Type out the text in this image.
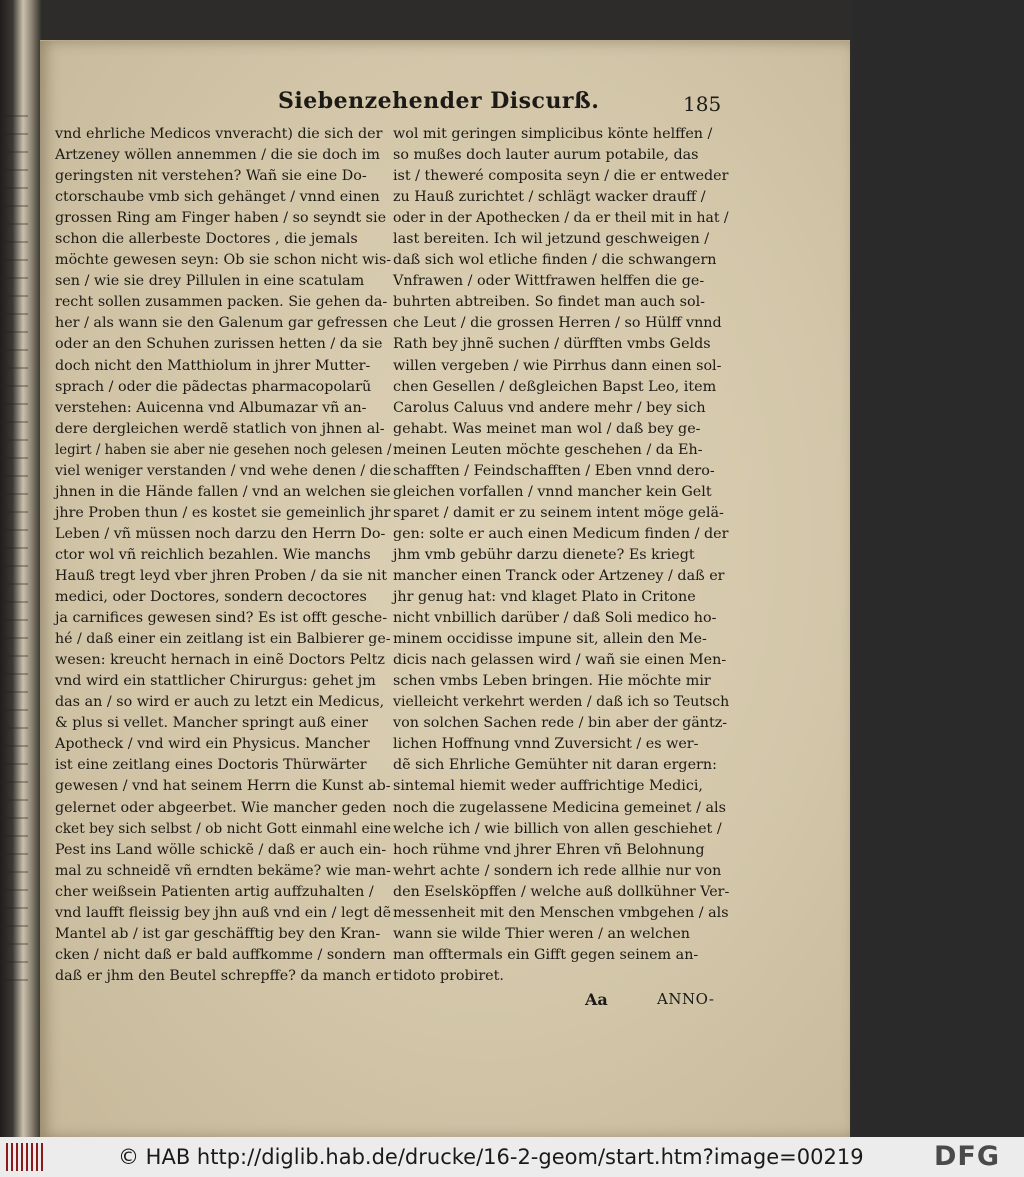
Siebenzehender Discurß.	185
vnd ehrliche Medicos vnveracht) die sich der
Artzeney wöllen annemmen / die sie doch im
geringsten nit verstehen? Wañ sie eine Do-
ctorschaube vmb sich gehänget / vnnd einen
grossen Ring am Finger haben / so seyndt sie
schon die allerbeste Doctores , die jemals
möchte gewesen seyn: Ob sie schon nicht wis-
sen / wie sie drey Pillulen in eine scatulam
recht sollen zusammen packen. Sie gehen da-
her / als wann sie den Galenum gar gefressen
oder an den Schuhen zurissen hetten / da sie
doch nicht den Matthiolum in jhrer Mutter-
sprach / oder die pãdectas pharmacopolarũ
verstehen: Auicenna vnd Albumazar vñ an-
dere dergleichen werdẽ statlich von jhnen al-
legirt / haben sie aber nie gesehen noch gelesen /
viel weniger verstanden / vnd wehe denen / die
jhnen in die Hände fallen / vnd an welchen sie
jhre Proben thun / es kostet sie gemeinlich jhr
Leben / vñ müssen noch darzu den Herrn Do-
ctor wol vñ reichlich bezahlen. Wie manchs
Hauß tregt leyd vber jhren Proben / da sie nit
medici, oder Doctores, sondern decoctores
ja carnifices gewesen sind? Es ist offt gesche-
hé / daß einer ein zeitlang ist ein Balbierer ge-
wesen: kreucht hernach in einẽ Doctors Peltz
vnd wird ein stattlicher Chirurgus: gehet jm
das an / so wird er auch zu letzt ein Medicus,
& plus si vellet. Mancher springt auß einer
Apotheck / vnd wird ein Physicus. Mancher
ist eine zeitlang eines Doctoris Thürwärter
gewesen / vnd hat seinem Herrn die Kunst ab-
gelernet oder abgeerbet. Wie mancher geden
cket bey sich selbst / ob nicht Gott einmahl eine
Pest ins Land wölle schickẽ / daß er auch ein-
mal zu schneidẽ vñ erndten bekäme? wie man-
cher weißsein Patienten artig auffzuhalten /
vnd laufft fleissig bey jhn auß vnd ein / legt dẽ
Mantel ab / ist gar geschäfftig bey den Kran-
cken / nicht daß er bald auffkomme / sondern
daß er jhm den Beutel schrepffe? da manch er
wol mit geringen simplicibus könte helffen /
so mußes doch lauter aurum potabile, das
ist / theweré composita seyn / die er entweder
zu Hauß zurichtet / schlägt wacker drauff /
oder in der Apothecken / da er theil mit in hat /
last bereiten. Ich wil jetzund geschweigen /
daß sich wol etliche finden / die schwangern
Vnfrawen / oder Wittfrawen helffen die ge-
buhrten abtreiben. So findet man auch sol-
che Leut / die grossen Herren / so Hülff vnnd
Rath bey jhnẽ suchen / dürfften vmbs Gelds
willen vergeben / wie Pirrhus dann einen sol-
chen Gesellen / deßgleichen Bapst Leo, item
Carolus Caluus vnd andere mehr / bey sich
gehabt. Was meinet man wol / daß bey ge-
meinen Leuten möchte geschehen / da Eh-
schafften / Feindschafften / Eben vnnd dero-
gleichen vorfallen / vnnd mancher kein Gelt
sparet / damit er zu seinem intent möge gelä-
gen: solte er auch einen Medicum finden / der
jhm vmb gebühr darzu dienete? Es kriegt
mancher einen Tranck oder Artzeney / daß er
jhr genug hat: vnd klaget Plato in Critone
nicht vnbillich darüber / daß Soli medico ho-
minem occidisse impune sit, allein den Me-
dicis nach gelassen wird / wañ sie einen Men-
schen vmbs Leben bringen. Hie möchte mir
vielleicht verkehrt werden / daß ich so Teutsch
von solchen Sachen rede / bin aber der gäntz-
lichen Hoffnung vnnd Zuversicht / es wer-
dẽ sich Ehrliche Gemühter nit daran ergern:
sintemal hiemit weder auffrichtige Medici,
noch die zugelassene Medicina gemeinet / als
welche ich / wie billich von allen geschiehet /
hoch rühme vnd jhrer Ehren vñ Belohnung
wehrt achte / sondern ich rede allhie nur von
den Eselsköpffen / welche auß dollkühner Ver-
messenheit mit den Menschen vmbgehen / als
wann sie wilde Thier weren / an welchen
man offtermals ein Gifft gegen seinem an-
tidoto probiret.
Aa	ANNO-
© HAB http://diglib.hab.de/drucke/16-2-geom/start.htm?image=00219	DFG
